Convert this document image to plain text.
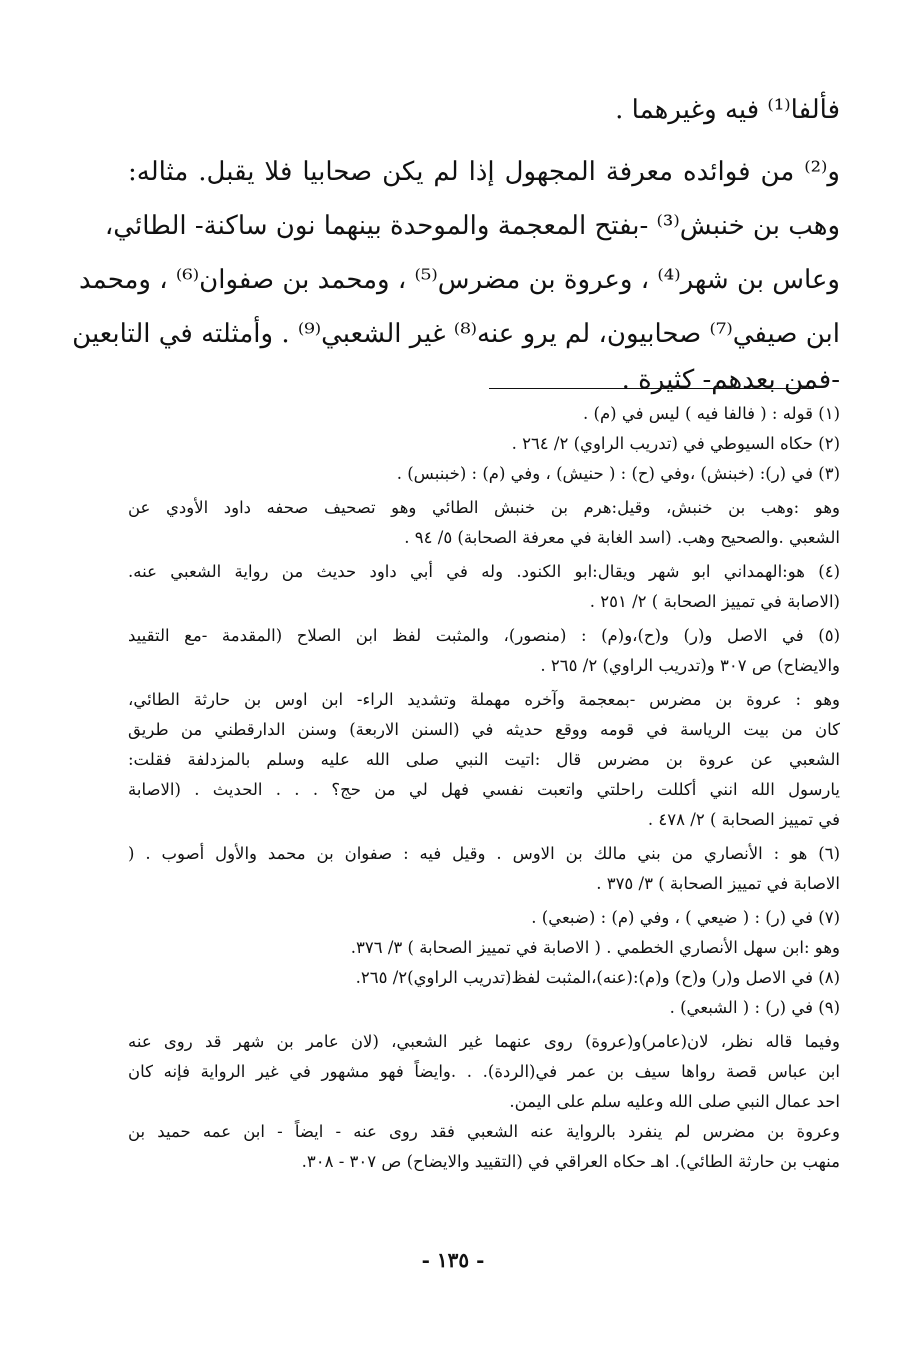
فألفا⁽¹⁾ فيه وغيرهما .
و⁽²⁾ من فوائده معرفة المجهول إذا لم يكن صحابيا فلا يقبل. مثاله:
وهب بن خنبش⁽³⁾ -بفتح المعجمة والموحدة بينهما نون ساكنة- الطائي،
وعاس بن شهر⁽⁴⁾ ، وعروة بن مضرس⁽⁵⁾ ، ومحمد بن صفوان⁽⁶⁾ ، ومحمد
ابن صيفي⁽⁷⁾ صحابيون، لم يرو عنه⁽⁸⁾ غير الشعبي⁽⁹⁾ . وأمثلته في التابعين
-فمن بعدهم- كثيرة .
(١) قوله : ( فالفا فيه ) ليس في (م) .
(٢) حكاه السيوطي في (تدريب الراوي) ٢/ ٢٦٤ .
(٣) في (ر): (خبنش) ،وفي (ح) : ( حنيش) ، وفي (م) : (خبنبس) .
وهو :وهب بن خنبش، وقيل:هرم بن خنبش الطائي وهو تصحيف صحفه داود الأودي عن
الشعبي .والصحيح وهب. (اسد الغابة في معرفة الصحابة) ٥/ ٩٤ .
(٤) هو:الهمداني ابو شهر ويقال:ابو الكنود. وله في أبي داود حديث من رواية الشعبي عنه.
(الاصابة في تمييز الصحابة ) ٢/ ٢٥١ .
(٥) في الاصل و(ر) و(ح)،و(م) : (منصور)، والمثبت لفظ ابن الصلاح (المقدمة -مع التقييد
والايضاح) ص ٣٠٧ و(تدريب الراوي) ٢/ ٢٦٥ .
وهو : عروة بن مضرس -بمعجمة وآخره مهملة وتشديد الراء- ابن اوس بن حارثة الطائي،
كان من بيت الرياسة في قومه ووقع حديثه في (السنن الاربعة) وسنن الدارقطني من طريق
الشعبي عن عروة بن مضرس قال :اتيت النبي صلى الله عليه وسلم بالمزدلفة فقلت:
يارسول الله انني أكللت راحلتي واتعبت نفسي فهل لي من حج؟ . . . الحديث . (الاصابة
في تمييز الصحابة ) ٢/ ٤٧٨ .
(٦) هو : الأنصاري من بني مالك بن الاوس . وقيل فيه : صفوان بن محمد والأول أصوب . (
الاصابة في تمييز الصحابة ) ٣/ ٣٧٥ .
(٧) في (ر) : ( ضيعي ) ، وفي (م) : (ضبعي) .
وهو :ابن سهل الأنصاري الخطمي . ( الاصابة في تمييز الصحابة ) ٣/ ٣٧٦.
(٨) في الاصل و(ر) و(ح) و(م):(عنه)،المثبت لفظ(تدريب الراوي)٢/ ٢٦٥.
(٩) في (ر) : ( الشبعي) .
وفيما قاله نظر، لان(عامر)و(عروة) روى عنهما غير الشعبي، (لان عامر بن شهر قد روى عنه
ابن عباس قصة رواها سيف بن عمر في(الردة). . .وايضاً فهو مشهور في غير الرواية فإنه كان
احد عمال النبي صلى الله وعليه سلم على اليمن.
وعروة بن مضرس لم ينفرد بالرواية عنه الشعبي فقد روى عنه - ايضاً - ابن عمه حميد بن
منهب بن حارثة الطائي). اهـ حكاه العراقي في (التقييد والايضاح) ص ٣٠٧ - ٣٠٨.
- ١٣٥ -
